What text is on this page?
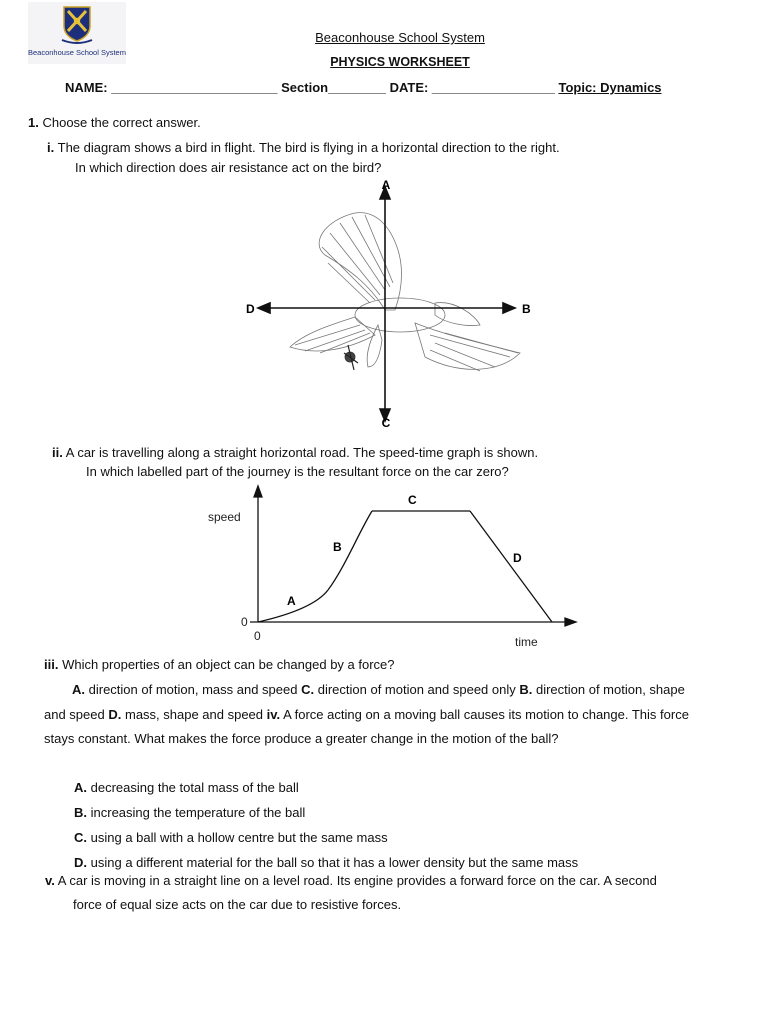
Beaconhouse School System
Beaconhouse School System
PHYSICS WORKSHEET
NAME: _______________________ Section________ DATE: _________________ Topic: Dynamics
1. Choose the correct answer.
i. The diagram shows a bird in flight. The bird is flying in a horizontal direction to the right.
In which direction does air resistance act on the bird?
A
B
C
D
ii. A car is travelling along a straight horizontal road. The speed-time graph is shown.
In which labelled part of the journey is the resultant force on the car zero?
speed
time
0
0
A
B
C
D
iii. Which properties of an object can be changed by a force?
A. direction of motion, mass and speed C. direction of motion and speed only B. direction of motion, shape and speed D. mass, shape and speed iv. A force acting on a moving ball causes its motion to change. This force stays constant. What makes the force produce a greater change in the motion of the ball?
A. decreasing the total mass of the ball
B. increasing the temperature of the ball
C. using a ball with a hollow centre but the same mass
D. using a different material for the ball so that it has a lower density but the same mass
v. A car is moving in a straight line on a level road. Its engine provides a forward force on the car. A second
force of equal size acts on the car due to resistive forces.
